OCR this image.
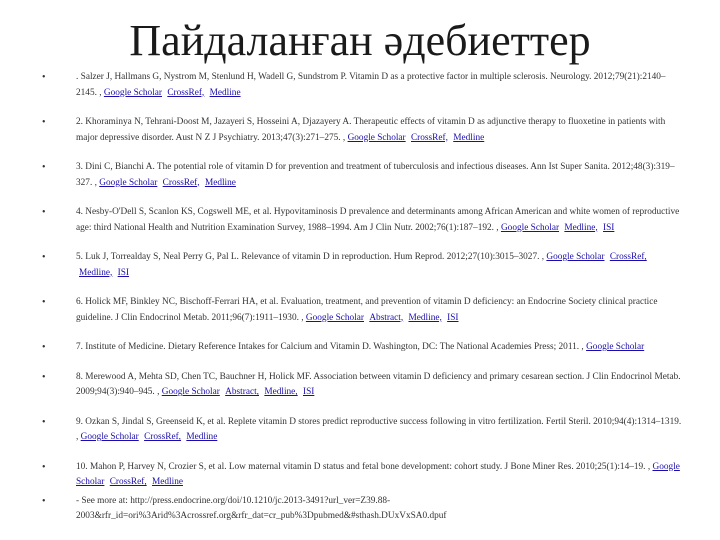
Пайдаланған әдебиеттер
• . Salzer J, Hallmans G, Nystrom M, Stenlund H, Wadell G, Sundstrom P. Vitamin D as a protective factor in multiple sclerosis. Neurology. 2012;79(21):2140–2145. , Google Scholar CrossRef, Medline
• 2. Khoraminya N, Tehrani-Doost M, Jazayeri S, Hosseini A, Djazayery A. Therapeutic effects of vitamin D as adjunctive therapy to fluoxetine in patients with major depressive disorder. Aust N Z J Psychiatry. 2013;47(3):271–275. , Google Scholar CrossRef, Medline
• 3. Dini C, Bianchi A. The potential role of vitamin D for prevention and treatment of tuberculosis and infectious diseases. Ann Ist Super Sanita. 2012;48(3):319–327. , Google Scholar CrossRef, Medline
• 4. Nesby-O'Dell S, Scanlon KS, Cogswell ME, et al. Hypovitaminosis D prevalence and determinants among African American and white women of reproductive age: third National Health and Nutrition Examination Survey, 1988–1994. Am J Clin Nutr. 2002;76(1):187–192. , Google Scholar Medline, ISI
• 5. Luk J, Torrealday S, Neal Perry G, Pal L. Relevance of vitamin D in reproduction. Hum Reprod. 2012;27(10):3015–3027. , Google Scholar CrossRef, Medline, ISI
• 6. Holick MF, Binkley NC, Bischoff-Ferrari HA, et al. Evaluation, treatment, and prevention of vitamin D deficiency: an Endocrine Society clinical practice guideline. J Clin Endocrinol Metab. 2011;96(7):1911–1930. , Google Scholar Abstract, Medline, ISI
• 7. Institute of Medicine. Dietary Reference Intakes for Calcium and Vitamin D. Washington, DC: The National Academies Press; 2011. , Google Scholar
• 8. Merewood A, Mehta SD, Chen TC, Bauchner H, Holick MF. Association between vitamin D deficiency and primary cesarean section. J Clin Endocrinol Metab. 2009;94(3):940–945. , Google Scholar Abstract, Medline, ISI
• 9. Ozkan S, Jindal S, Greenseid K, et al. Replete vitamin D stores predict reproductive success following in vitro fertilization. Fertil Steril. 2010;94(4):1314–1319. , Google Scholar CrossRef, Medline
• 10. Mahon P, Harvey N, Crozier S, et al. Low maternal vitamin D status and fetal bone development: cohort study. J Bone Miner Res. 2010;25(1):14–19. , Google Scholar CrossRef, Medline
• - See more at: http://press.endocrine.org/doi/10.1210/jc.2013-3491?url_ver=Z39.88-2003&rfr_id=ori%3Arid%3Acrossref.org&rfr_dat=cr_pub%3Dpubmed&#sthash.DUxVxSA0.dpuf
